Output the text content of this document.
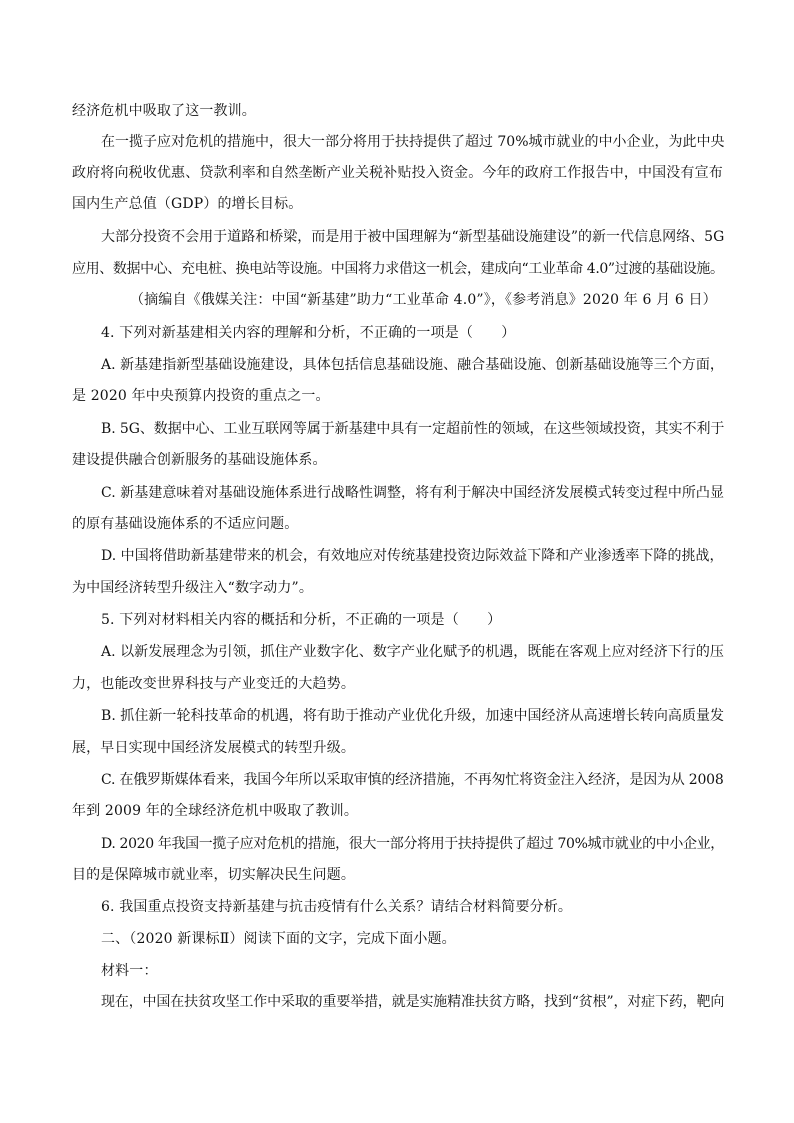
经济危机中吸取了这一教训。
在一揽子应对危机的措施中，很大一部分将用于扶持提供了超过 70%城市就业的中小企业，为此中央
政府将向税收优惠、贷款利率和自然垄断产业关税补贴投入资金。今年的政府工作报告中，中国没有宣布
国内生产总值（GDP）的增长目标。
大部分投资不会用于道路和桥梁，而是用于被中国理解为“新型基础设施建设”的新一代信息网络、5G
应用、数据中心、充电桩、换电站等设施。中国将力求借这一机会，建成向“工业革命 4.0”过渡的基础设施。
（摘编自《俄媒关注：中国“新基建”助力“工业革命 4.0”》，《参考消息》2020 年 6 月 6 日）
4. 下列对新基建相关内容的理解和分析，不正确的一项是（　　）
A. 新基建指新型基础设施建设，具体包括信息基础设施、融合基础设施、创新基础设施等三个方面，
是 2020 年中央预算内投资的重点之一。
B. 5G、数据中心、工业互联网等属于新基建中具有一定超前性的领域，在这些领域投资，其实不利于
建设提供融合创新服务的基础设施体系。
C. 新基建意味着对基础设施体系进行战略性调整，将有利于解决中国经济发展模式转变过程中所凸显
的原有基础设施体系的不适应问题。
D. 中国将借助新基建带来的机会，有效地应对传统基建投资边际效益下降和产业渗透率下降的挑战，
为中国经济转型升级注入“数字动力”。
5. 下列对材料相关内容的概括和分析，不正确的一项是（　　）
A. 以新发展理念为引领，抓住产业数字化、数字产业化赋予的机遇，既能在客观上应对经济下行的压
力，也能改变世界科技与产业变迁的大趋势。
B. 抓住新一轮科技革命的机遇，将有助于推动产业优化升级，加速中国经济从高速增长转向高质量发
展，早日实现中国经济发展模式的转型升级。
C. 在俄罗斯媒体看来，我国今年所以采取审慎的经济措施，不再匆忙将资金注入经济，是因为从 2008
年到 2009 年的全球经济危机中吸取了教训。
D. 2020 年我国一揽子应对危机的措施，很大一部分将用于扶持提供了超过 70%城市就业的中小企业，
目的是保障城市就业率，切实解决民生问题。
6. 我国重点投资支持新基建与抗击疫情有什么关系？请结合材料简要分析。
二、（2020 新课标Ⅱ）阅读下面的文字，完成下面小题。
材料一：
现在，中国在扶贫攻坚工作中采取的重要举措，就是实施精准扶贫方略，找到“贫根”，对症下药，靶向
